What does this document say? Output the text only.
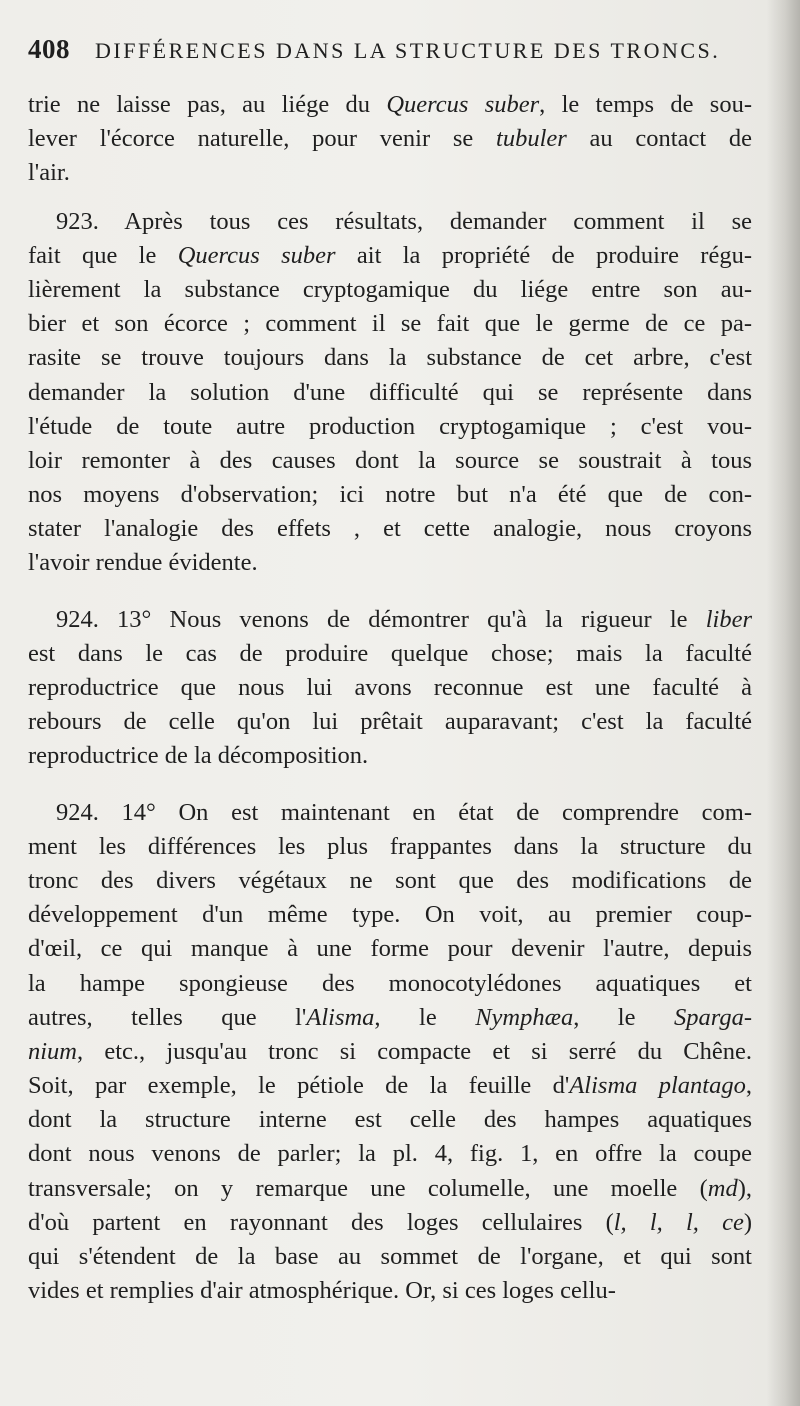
408 DIFFÉRENCES DANS LA STRUCTURE DES TRONCS.
trie ne laisse pas, au liége du Quercus suber, le temps de sou-
lever l'écorce naturelle, pour venir se tubuler au contact de
l'air.
923. Après tous ces résultats, demander comment il se
fait que le Quercus suber ait la propriété de produire régu-
lièrement la substance cryptogamique du liége entre son au-
bier et son écorce ; comment il se fait que le germe de ce pa-
rasite se trouve toujours dans la substance de cet arbre, c'est
demander la solution d'une difficulté qui se représente dans
l'étude de toute autre production cryptogamique ; c'est vou-
loir remonter à des causes dont la source se soustrait à tous
nos moyens d'observation; ici notre but n'a été que de con-
stater l'analogie des effets , et cette analogie, nous croyons
l'avoir rendue évidente.
924. 13° Nous venons de démontrer qu'à la rigueur le liber
est dans le cas de produire quelque chose; mais la faculté
reproductrice que nous lui avons reconnue est une faculté à
rebours de celle qu'on lui prêtait auparavant; c'est la faculté
reproductrice de la décomposition.
924. 14° On est maintenant en état de comprendre com-
ment les différences les plus frappantes dans la structure du
tronc des divers végétaux ne sont que des modifications de
développement d'un même type. On voit, au premier coup-
d'œil, ce qui manque à une forme pour devenir l'autre, depuis
la hampe spongieuse des monocotylédones aquatiques et
autres, telles que l'Alisma, le Nymphæa, le Sparga-
nium, etc., jusqu'au tronc si compacte et si serré du Chêne.
Soit, par exemple, le pétiole de la feuille d'Alisma plantago,
dont la structure interne est celle des hampes aquatiques
dont nous venons de parler; la pl. 4, fig. 1, en offre la coupe
transversale; on y remarque une columelle, une moelle (md),
d'où partent en rayonnant des loges cellulaires (l, l, l, ce)
qui s'étendent de la base au sommet de l'organe, et qui sont
vides et remplies d'air atmosphérique. Or, si ces loges cellu-
